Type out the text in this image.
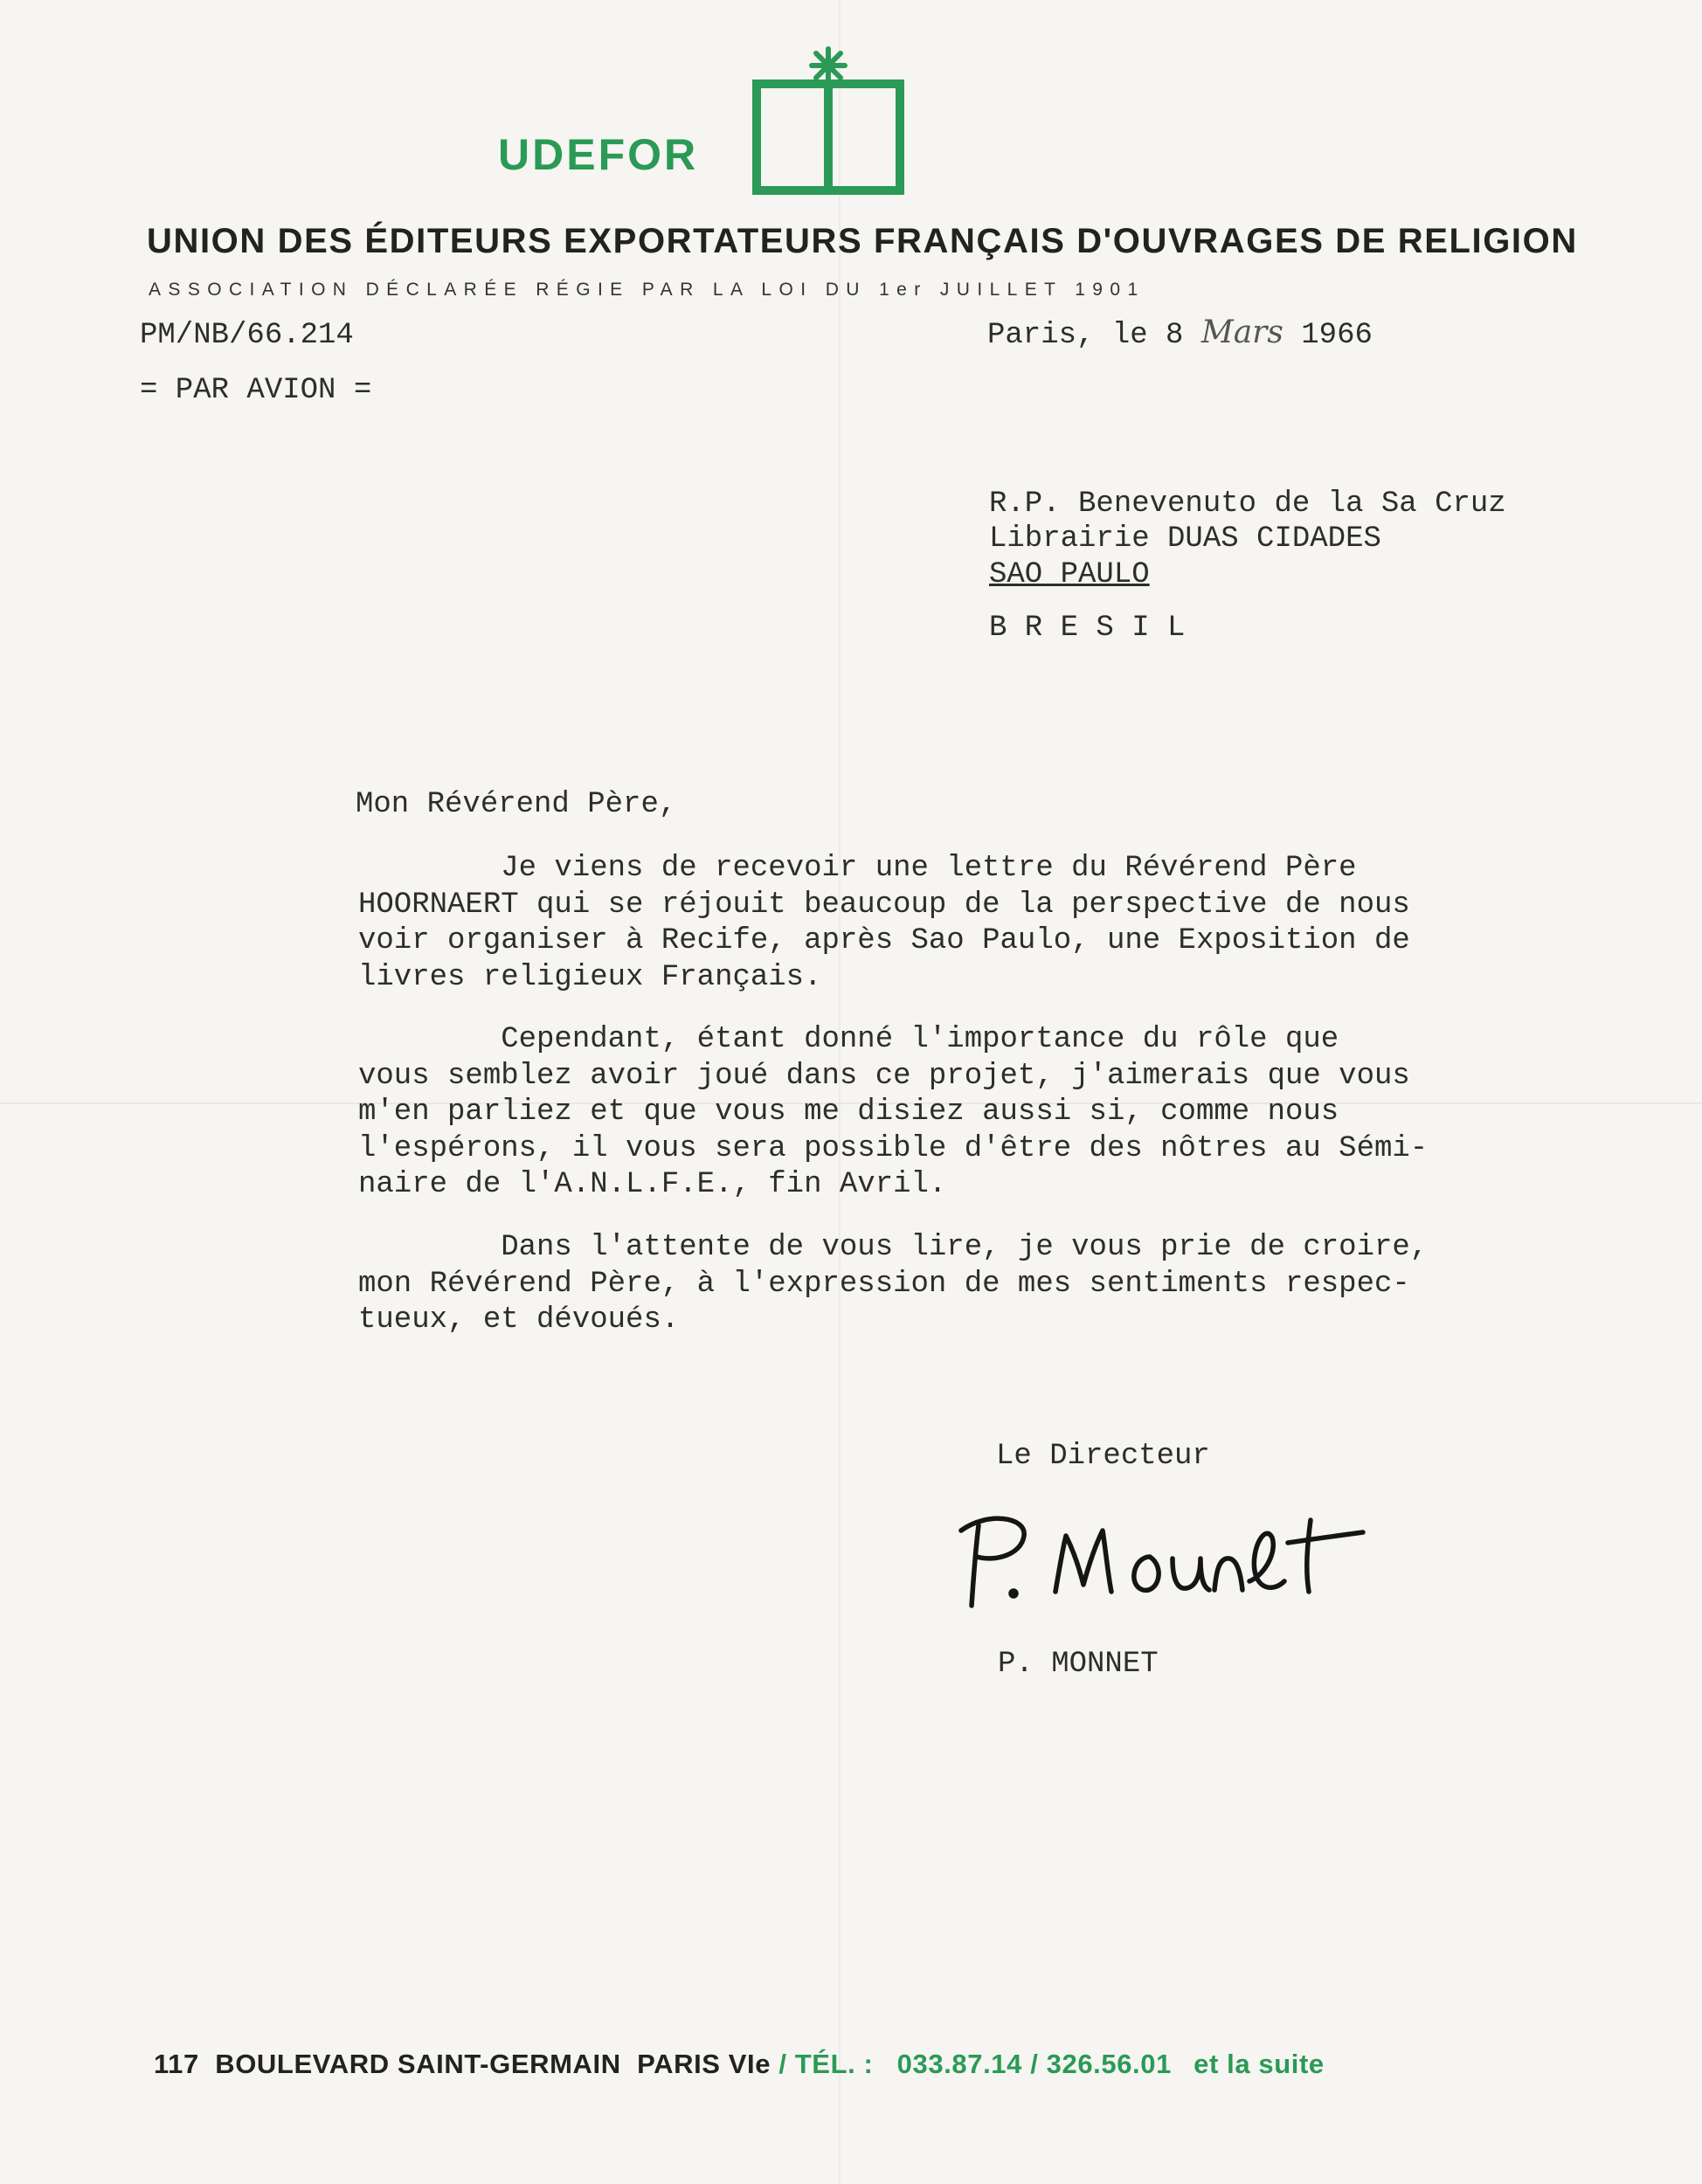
UDEFOR
UNION DES ÉDITEURS EXPORTATEURS FRANÇAIS D'OUVRAGES DE RELIGION
ASSOCIATION DÉCLARÉE RÉGIE PAR LA LOI DU 1er JUILLET 1901
PM/NB/66.214	Paris, le 8 Mars 1966
= PAR AVION =
R.P. Benevenuto de la Sa Cruz
Librairie DUAS CIDADES
SAO PAULO
B R E S I L
Mon Révérend Père,
Je viens de recevoir une lettre du Révérend Père
HOORNAERT qui se réjouit beaucoup de la perspective de nous
voir organiser à Recife, après Sao Paulo, une Exposition de
livres religieux Français.
Cependant, étant donné l'importance du rôle que
vous semblez avoir joué dans ce projet, j'aimerais que vous
m'en parliez et que vous me disiez aussi si, comme nous
l'espérons, il vous sera possible d'être des nôtres au Sémi-
naire de l'A.N.L.F.E., fin Avril.
Dans l'attente de vous lire, je vous prie de croire,
mon Révérend Père, à l'expression de mes sentiments respec-
tueux, et dévoués.
Le Directeur
P. MONNET
117  BOULEVARD SAINT-GERMAIN  PARIS VIe / TÉL. : 033.87.14 / 326.56.01 et la suite
